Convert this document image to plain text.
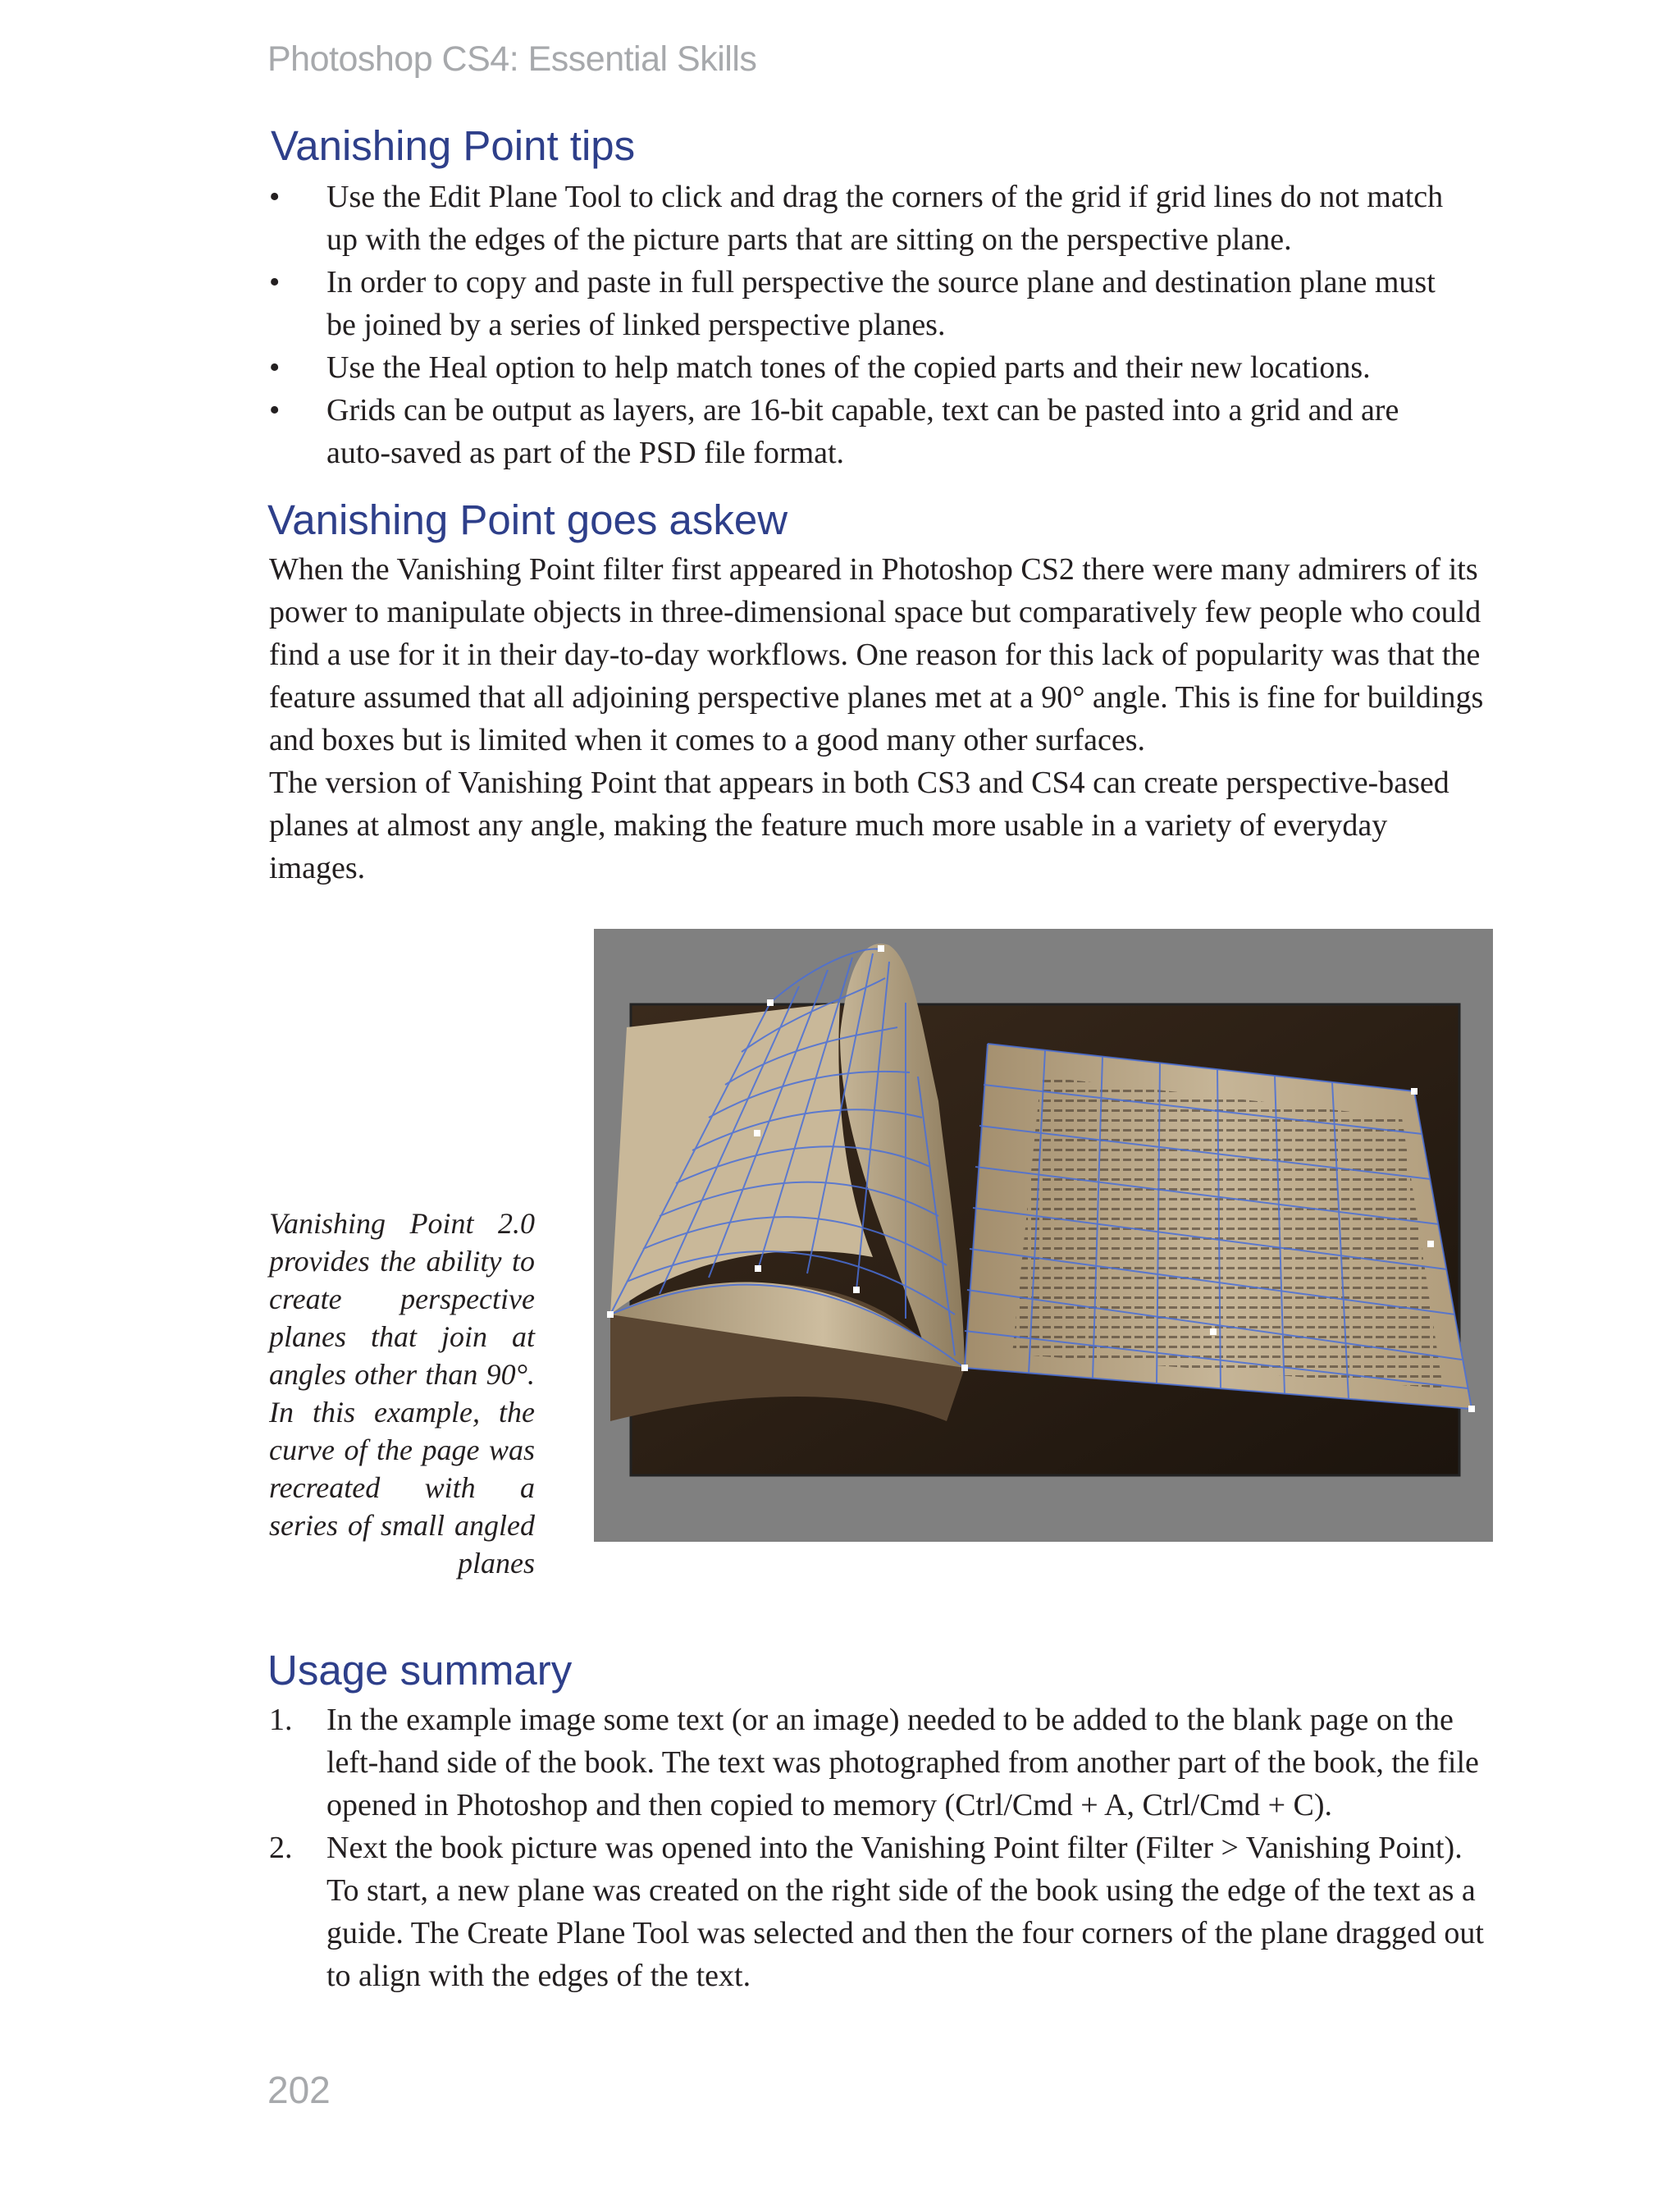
Photoshop CS4: Essential Skills
Vanishing Point tips
•	Use the Edit Plane Tool to click and drag the corners of the grid if grid lines do not match up with the edges of the picture parts that are sitting on the perspective plane.
•	In order to copy and paste in full perspective the source plane and destination plane must be joined by a series of linked perspective planes.
•	Use the Heal option to help match tones of the copied parts and their new locations.
•	Grids can be output as layers, are 16-bit capable, text can be pasted into a grid and are auto-saved as part of the PSD file format.
Vanishing Point goes askew

When the Vanishing Point filter first appeared in Photoshop CS2 there were many admirers of its power to manipulate objects in three-dimensional space but comparatively few people who could find a use for it in their day-to-day workflows. One reason for this lack of popularity was that the feature assumed that all adjoining perspective planes met at a 90° angle. This is fine for buildings and boxes but is limited when it comes to a good many other surfaces.

The version of Vanishing Point that appears in both CS3 and CS4 can create perspective-based planes at almost any angle, making the feature much more usable in a variety of everyday images.

Vanishing Point 2.0 provides the ability to create perspective planes that join at angles other than 90°. In this example, the curve of the page was recreated with a series of small angled planes
Usage summary
1.	In the example image some text (or an image) needed to be added to the blank page on the left-hand side of the book. The text was photographed from another part of the book, the file opened in Photoshop and then copied to memory (Ctrl/Cmd + A, Ctrl/Cmd + C).
2.	Next the book picture was opened into the Vanishing Point filter (Filter > Vanishing Point). To start, a new plane was created on the right side of the book using the edge of the text as a guide. The Create Plane Tool was selected and then the four corners of the plane dragged out to align with the edges of the text.
202
